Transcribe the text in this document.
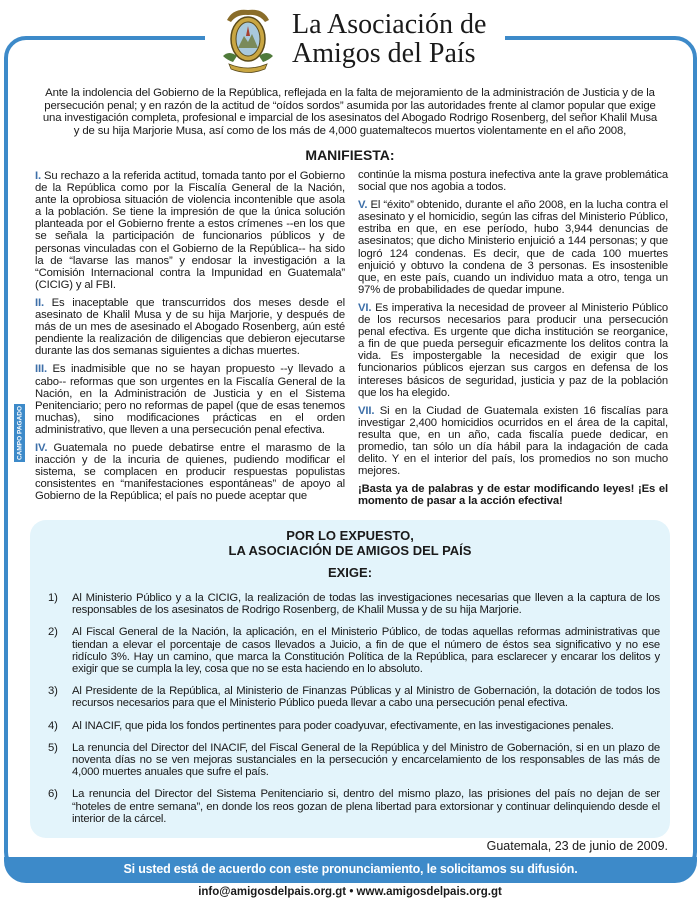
Si usted está de acuerdo con este pronunciamiento, le solicitamos su difusión.
La Asociación de
Amigos del País
Ante la indolencia del Gobierno de la República, reflejada en la falta de mejoramiento de la administración de Justicia y de la persecución penal; y en razón de la actitud de “oídos sordos” asumida por las autoridades frente al clamor popular que exige una investigación completa, profesional e imparcial de los asesinatos del Abogado Rodrigo Rosenberg, del señor Khalil Musa y de su hija Marjorie Musa, así como de los más de 4,000 guatemaltecos muertos violentamente en el año 2008,
MANIFIESTA:

I. Su rechazo a la referida actitud, tomada tanto por el Gobierno de la República como por la Fiscalía General de la Nación, ante la oprobiosa situación de violencia incontenible que asola a la población. Se tiene la impresión de que la única solución planteada por el Gobierno frente a estos crímenes --en los que se señala la participación de funcionarios públicos y de personas vinculadas con el Gobierno de la República-- ha sido la de “lavarse las manos” y endosar la investigación a la “Comisión Internacional contra la Impunidad en Guatemala” (CICIG) y al FBI.

II. Es inaceptable que transcurridos dos meses desde el asesinato de Khalil Musa y de su hija Marjorie, y después de más de un mes de asesinado el Abogado Rosenberg, aún esté pendiente la realización de diligencias que debieron ejecutarse durante las dos semanas siguientes a dichas muertes.

III. Es inadmisible que no se hayan propuesto --y llevado a cabo-- reformas que son urgentes en la Fiscalía General de la Nación, en la Administración de Justicia y en el Sistema Penitenciario; pero no reformas de papel (que de esas tenemos muchas), sino modificaciones prácticas en el orden administrativo, que lleven a una persecución penal efectiva.

IV. Guatemala no puede debatirse entre el marasmo de la inacción y de la incuria de quienes, pudiendo modificar el sistema, se complacen en producir respuestas populistas consistentes en “manifestaciones espontáneas” de apoyo al Gobierno de la República; el país no puede aceptar que

continúe la misma postura inefectiva ante la grave problemática social que nos agobia a todos.

V. El “éxito” obtenido, durante el año 2008, en la lucha contra el asesinato y el homicidio, según las cifras del Ministerio Público, estriba en que, en ese período, hubo 3,944 denuncias de asesinatos; que dicho Ministerio enjuició a 144 personas; y que logró 124 condenas. Es decir, que de cada 100 muertes enjuició y obtuvo la condena de 3 personas. Es insostenible que, en este país, cuando un individuo mata a otro, tenga un 97% de probabilidades de quedar impune.

VI. Es imperativa la necesidad de proveer al Ministerio Público de los recursos necesarios para producir una persecución penal efectiva. Es urgente que dicha institución se reorganice, a fin de que pueda perseguir eficazmente los delitos contra la vida. Es impostergable la necesidad de exigir que los funcionarios públicos ejerzan sus cargos en defensa de los intereses básicos de seguridad, justicia y paz de la población que los ha elegido.

VII. Si en la Ciudad de Guatemala existen 16 fiscalías para investigar 2,400 homicidios ocurridos en el área de la capital, resulta que, en un año, cada fiscalía puede dedicar, en promedio, tan sólo un día hábil para la indagación de cada delito. Y en el interior del país, los promedios no son mucho mejores.

¡Basta ya de palabras y de estar modificando leyes! ¡Es el momento de pasar a la acción efectiva!

CAMPO PAGADO
POR LO EXPUESTO,
LA ASOCIACIÓN DE AMIGOS DEL PAÍS
EXIGE:
1)	Al Ministerio Público y a la CICIG, la realización de todas las investigaciones necesarias que lleven a la captura de los responsables de los asesinatos de Rodrigo Rosenberg, de Khalil Mussa y de su hija Marjorie.
2)	Al Fiscal General de la Nación, la aplicación, en el Ministerio Público, de todas aquellas reformas administrativas que tiendan a elevar el porcentaje de casos llevados a Juicio, a fin de que el número de éstos sea significativo y no ese ridículo 3%. Hay un camino, que marca la Constitución Política de la República, para esclarecer y encarar los delitos y exigir que se cumpla la ley, cosa que no se esta haciendo en lo absoluto.
3)	Al Presidente de la República, al Ministerio de Finanzas Públicas y al Ministro de Gobernación, la dotación de todos los recursos necesarios para que el Ministerio Público pueda llevar a cabo una persecución penal efectiva.
4)	Al INACIF, que pida los fondos pertinentes para poder coadyuvar, efectivamente, en las investigaciones penales.
5)	La renuncia del Director del INACIF, del Fiscal General de la República y del Ministro de Gobernación, si en un plazo de noventa días no se ven mejoras sustanciales en la persecución y encarcelamiento de los responsables de las más de 4,000 muertes anuales que sufre el país.
6)	La renuncia del Director del Sistema Penitenciario si, dentro del mismo plazo, las prisiones del país no dejan de ser “hoteles de entre semana”, en donde los reos gozan de plena libertad para extorsionar y continuar delinquiendo desde el interior de la cárcel.
Guatemala, 23 de junio de 2009.
info@amigosdelpais.org.gt • www.amigosdelpais.org.gt
